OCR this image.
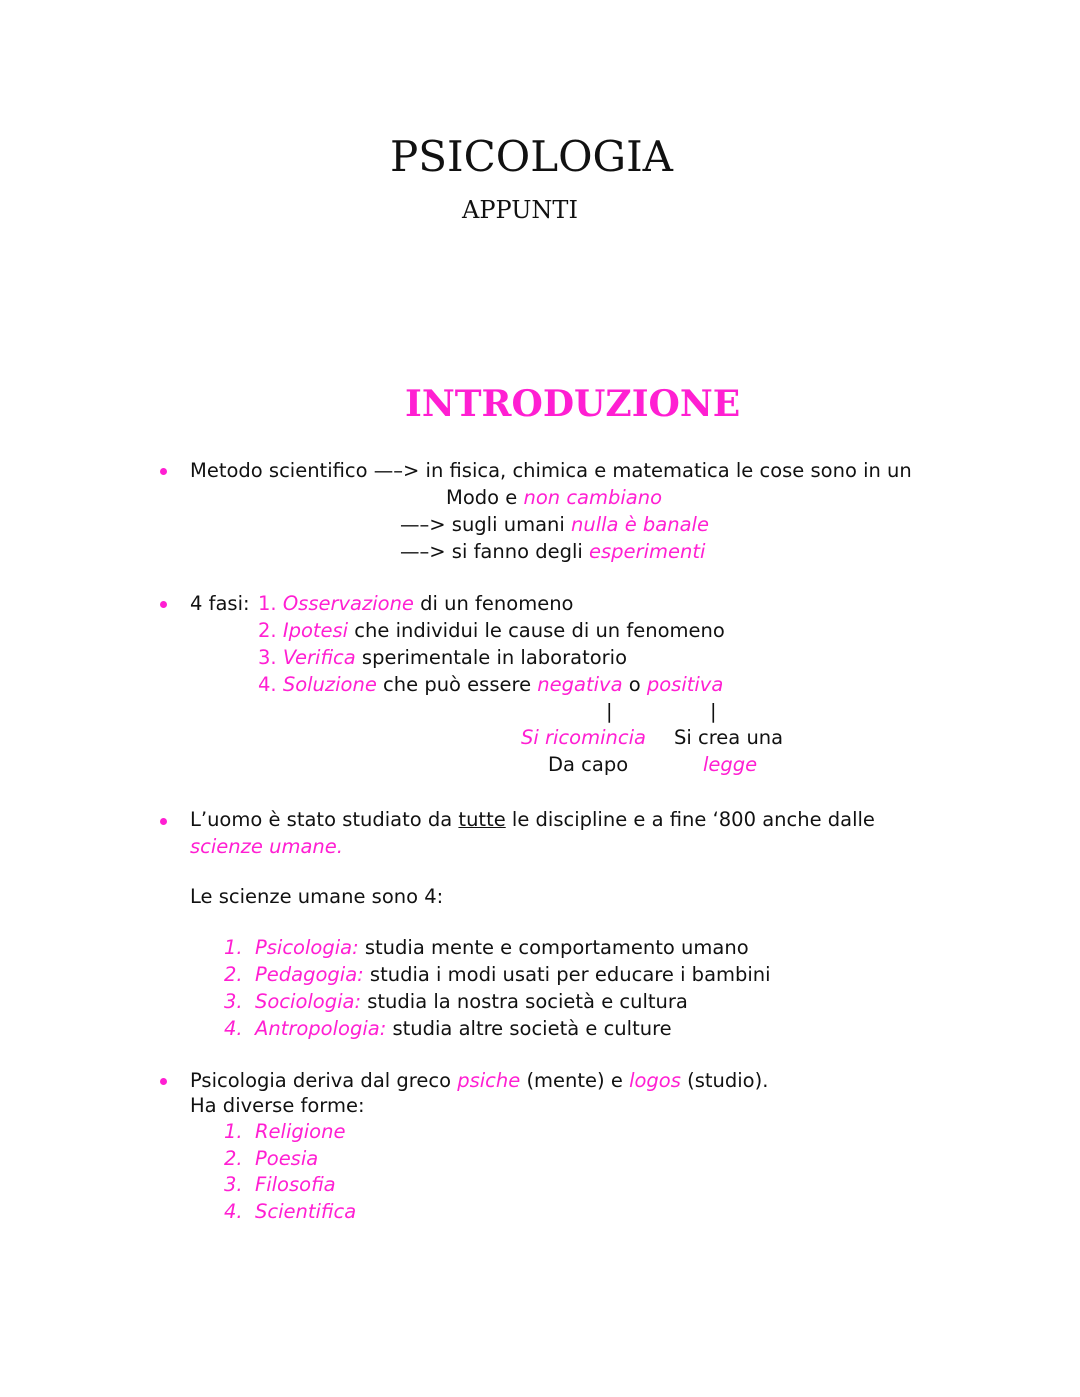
PSICOLOGIA
APPUNTI
INTRODUZIONE
Metodo scientifico —–> in fisica, chimica e matematica le cose sono in un
Modo e non cambiano
—–> sugli umani nulla è banale
—–> si fanno degli esperimenti
4 fasi: 1. Osservazione di un fenomeno
2. Ipotesi che individui le cause di un fenomeno
3. Verifica sperimentale in laboratorio
4. Soluzione che può essere negativa o positiva
|	|
Si ricomincia
Da capo
Si crea una
legge
L’uomo è stato studiato da tutte le discipline e a fine ‘800 anche dalle
scienze umane.
Le scienze umane sono 4:
1. Psicologia: studia mente e comportamento umano
2. Pedagogia: studia i modi usati per educare i bambini
3. Sociologia: studia la nostra società e cultura
4. Antropologia: studia altre società e culture
Psicologia deriva dal greco psiche (mente) e logos (studio).
Ha diverse forme:
1. Religione
2. Poesia
3. Filosofia
4. Scientifica
